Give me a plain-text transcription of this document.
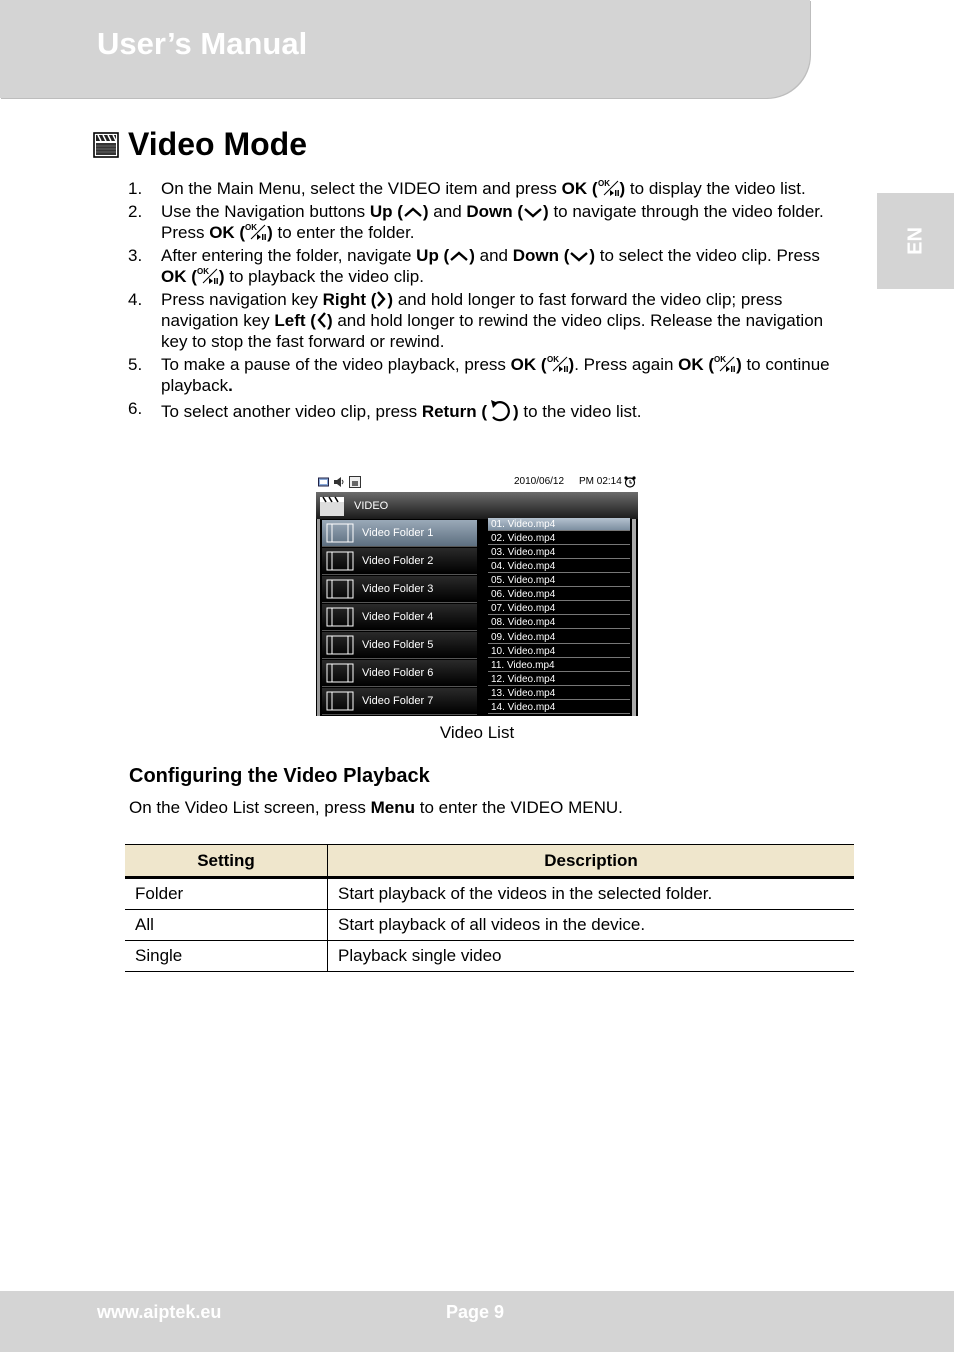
User’s Manual
EN
Video Mode
1. On the Main Menu, select the VIDEO item and press OK ( OK ) to display the video list.
2. Use the Navigation buttons Up ( ) and Down ( ) to navigate through the video folder. Press OK ( OK ) to enter the folder.
3. After entering the folder, navigate Up ( ) and Down ( ) to select the video clip. Press OK ( OK ) to playback the video clip.
4. Press navigation key Right ( ) and hold longer to fast forward the video clip; press navigation key Left ( ) and hold longer to rewind the video clips. Release the navigation key to stop the fast forward or rewind.
5. To make a pause of the video playback, press OK ( OK ). Press again OK ( OK ) to continue playback.
6. To select another video clip, press Return ( ) to the video list.
2010/06/12 PM 02:14
VIDEO
Video Folder 1
Video Folder 2
Video Folder 3
Video Folder 4
Video Folder 5
Video Folder 6
Video Folder 7
01. Video.mp4
02. Video.mp4
03. Video.mp4
04. Video.mp4
05. Video.mp4
06. Video.mp4
07. Video.mp4
08. Video.mp4
09. Video.mp4
10. Video.mp4
11. Video.mp4
12. Video.mp4
13. Video.mp4
14. Video.mp4
Video List
Configuring the Video Playback
On the Video List screen, press Menu to enter the VIDEO MENU.
Setting	Description
Folder	Start playback of the videos in the selected folder.
All	Start playback of all videos in the device.
Single	Playback single video
www.aiptek.eu	Page 9
